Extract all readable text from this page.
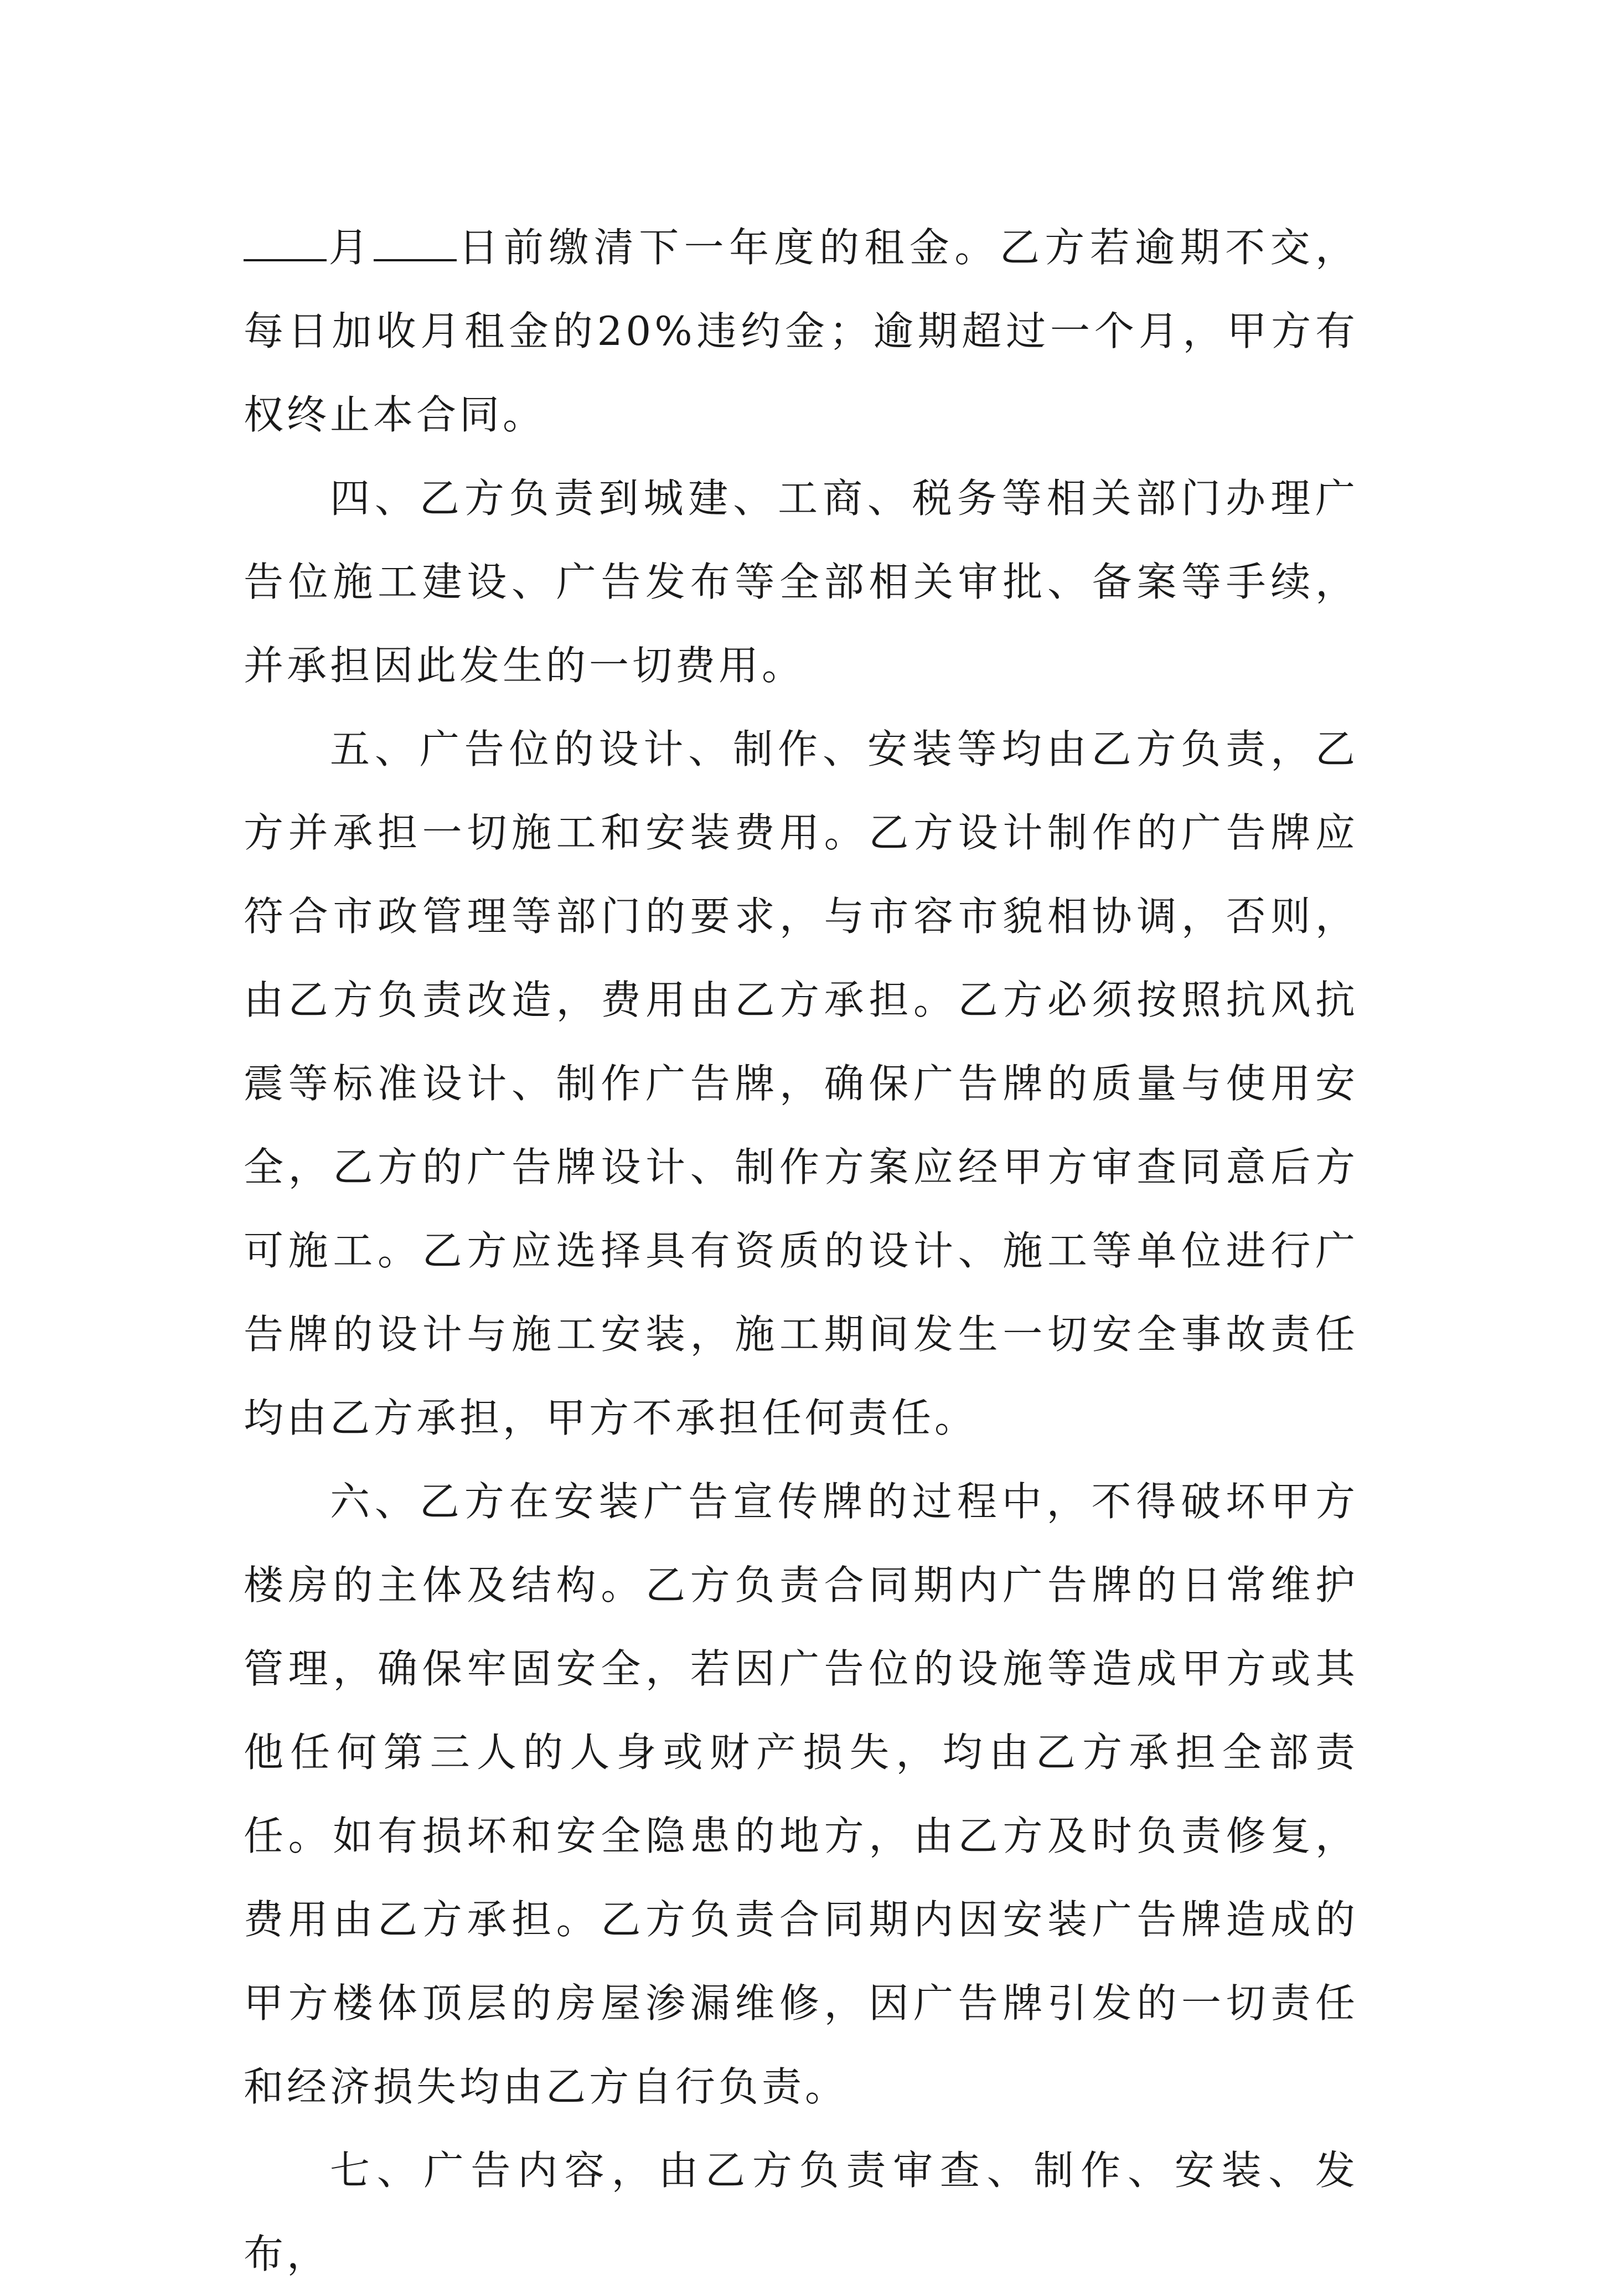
月 日前缴清下一年度的租金。乙方若逾期不交，每日加收月租金的20%违约金；逾期超过一个月，甲方有权终止本合同。

四、乙方负责到城建、工商、税务等相关部门办理广告位施工建设、广告发布等全部相关审批、备案等手续，并承担因此发生的一切费用。

五、广告位的设计、制作、安装等均由乙方负责，乙方并承担一切施工和安装费用。乙方设计制作的广告牌应符合市政管理等部门的要求，与市容市貌相协调，否则，由乙方负责改造，费用由乙方承担。乙方必须按照抗风抗震等标准设计、制作广告牌，确保广告牌的质量与使用安全，乙方的广告牌设计、制作方案应经甲方审查同意后方可施工。乙方应选择具有资质的设计、施工等单位进行广告牌的设计与施工安装，施工期间发生一切安全事故责任均由乙方承担，甲方不承担任何责任。

六、乙方在安装广告宣传牌的过程中，不得破坏甲方楼房的主体及结构。乙方负责合同期内广告牌的日常维护管理，确保牢固安全，若因广告位的设施等造成甲方或其他任何第三人的人身或财产损失，均由乙方承担全部责任。如有损坏和安全隐患的地方，由乙方及时负责修复，费用由乙方承担。乙方负责合同期内因安装广告牌造成的甲方楼体顶层的房屋渗漏维修，因广告牌引发的一切责任和经济损失均由乙方自行负责。

七、广告内容，由乙方负责审查、制作、安装、发布，
